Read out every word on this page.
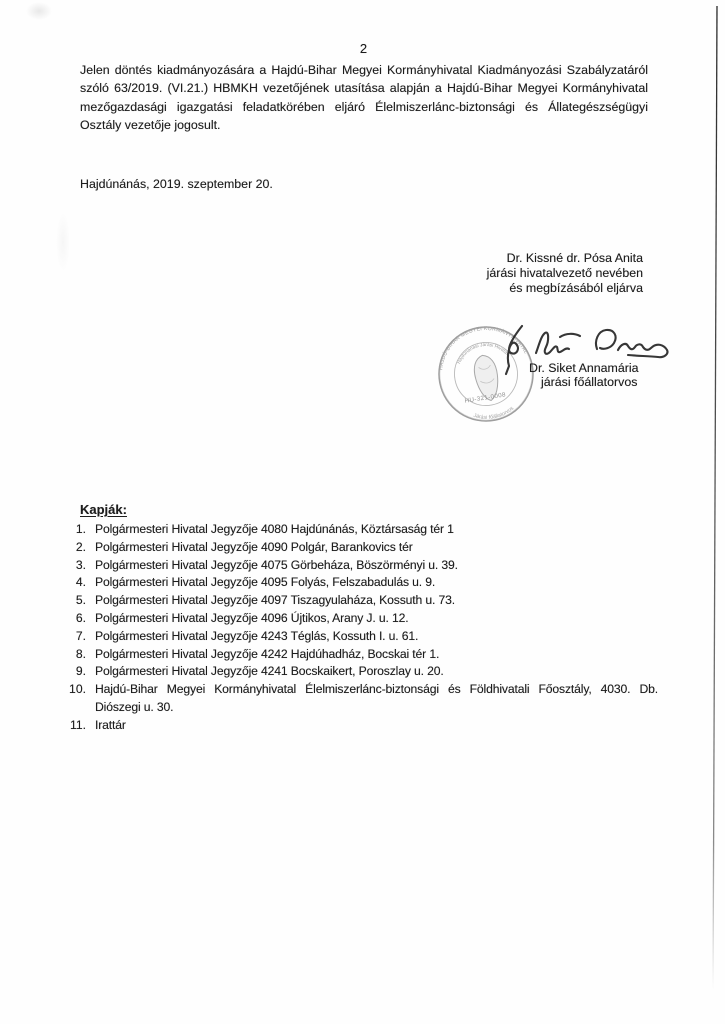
2
Jelen döntés kiadmányozására a Hajdú-Bihar Megyei Kormányhivatal Kiadmányozási Szabályzatáról szóló 63/2019. (VI.21.) HBMKH vezetőjének utasítása alapján a Hajdú-Bihar Megyei Kormányhivatal mezőgazdasági igazgatási feladatkörében eljáró Élelmiszerlánc-biztonsági és Állategészségügyi Osztály vezetője jogosult.
Hajdúnánás, 2019. szeptember 20.
Dr. Kissné dr. Pósa Anita
járási hivatalvezető nevében
és megbízásából eljárva
HAJDÚ-BIHAR MEGYEI KORMÁNYHIVATAL
Hajdúnánási Járási Hivatal
HU-321-0008
Járási főállatorvos
Dr. Siket Annamária
járási főállatorvos

Kapják:

Polgármesteri Hivatal Jegyzője 4080 Hajdúnánás, Köztársaság tér 1
Polgármesteri Hivatal Jegyzője 4090 Polgár, Barankovics tér
Polgármesteri Hivatal Jegyzője 4075 Görbeháza, Böszörményi u. 39.
Polgármesteri Hivatal Jegyzője 4095 Folyás, Felszabadulás u. 9.
Polgármesteri Hivatal Jegyzője 4097 Tiszagyulaháza, Kossuth u. 73.
Polgármesteri Hivatal Jegyzője 4096 Újtikos, Arany J. u. 12.
Polgármesteri Hivatal Jegyzője 4243 Téglás, Kossuth I. u. 61.
Polgármesteri Hivatal Jegyzője 4242 Hajdúhadház, Bocskai tér 1.
Polgármesteri Hivatal Jegyzője 4241 Bocskaikert, Poroszlay u. 20.
Hajdú-Bihar Megyei Kormányhivatal Élelmiszerlánc-biztonsági és Földhivatali Főosztály, 4030. Db. Diószegi u. 30.
Irattár
